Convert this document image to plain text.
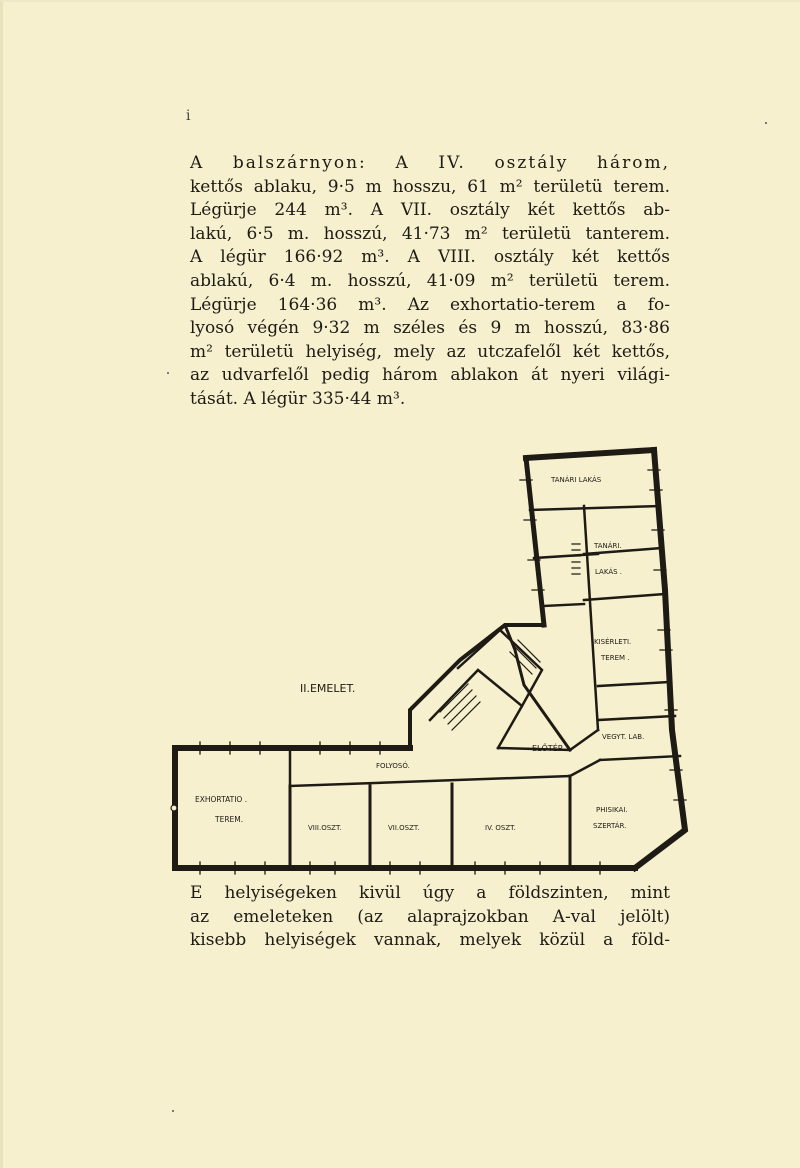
i
A balszárnyon: A IV. osztály három,
kettős ablaku, 9·5 m hosszu, 61 m² területü terem.
Légürje 244 m³. A VII. osztály két kettős ab-
lakú, 6·5 m. hosszú, 41·73 m² területü tanterem.
A légür 166·92 m³. A VIII. osztály két kettős
ablakú, 6·4 m. hosszú, 41·09 m² területü terem.
Légürje 164·36 m³. Az exhortatio-terem a fo-
lyosó végén 9·32 m széles és 9 m hosszú, 83·86
m² területü helyiség, mely az utczafelől két kettős,
az udvarfelől pedig három ablakon át nyeri világi-
tását. A légür 335·44 m³.
II.EMELET.
TANÁRI LAKÁS
TANÁRI.
LAKÁS .
KISÉRLETI.
TEREM .
VEGYT. LAB.
ELŐTÉR.
FOLYOSÓ.
EXHORTATIO .
TEREM.
VIII.OSZT.	VII.OSZT.	IV. OSZT.
PHISIKAI.
SZERTÁR.
E helyiségeken kivül úgy a földszinten, mint
az emeleteken (az alaprajzokban A-val jelölt)
kisebb helyiségek vannak, melyek közül a föld-
